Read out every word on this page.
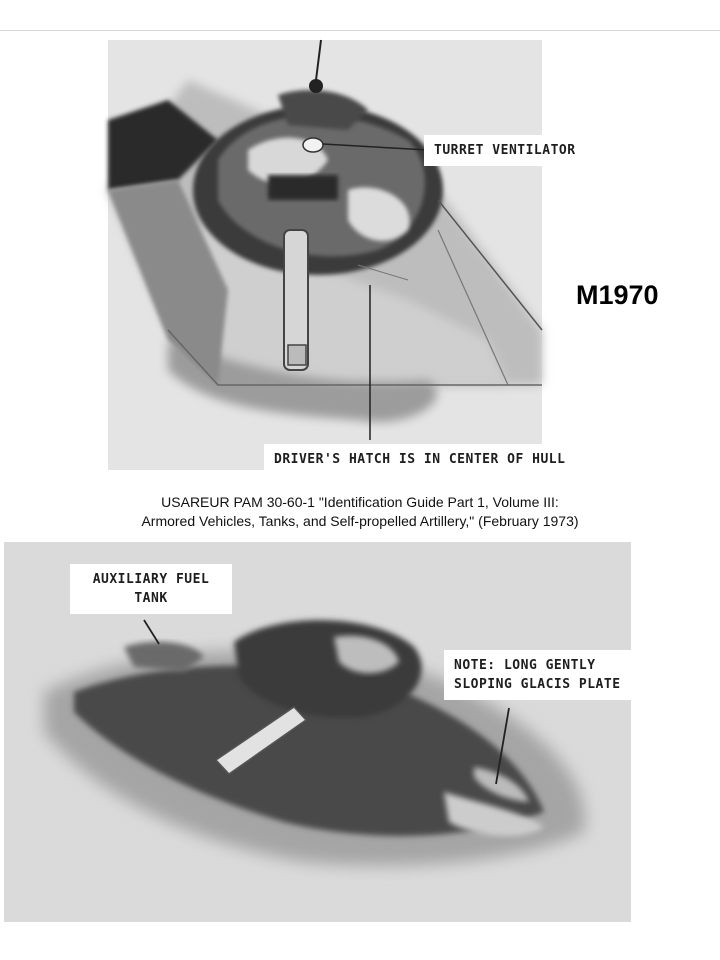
TURRET VENTILATOR
DRIVER'S HATCH IS IN CENTER OF HULL
M1970
USAREUR PAM 30-60-1 "Identification Guide Part 1, Volume III:
Armored Vehicles, Tanks, and Self-propelled Artillery," (February 1973)
AUXILIARY FUEL
TANK
NOTE: LONG GENTLY
SLOPING GLACIS PLATE
